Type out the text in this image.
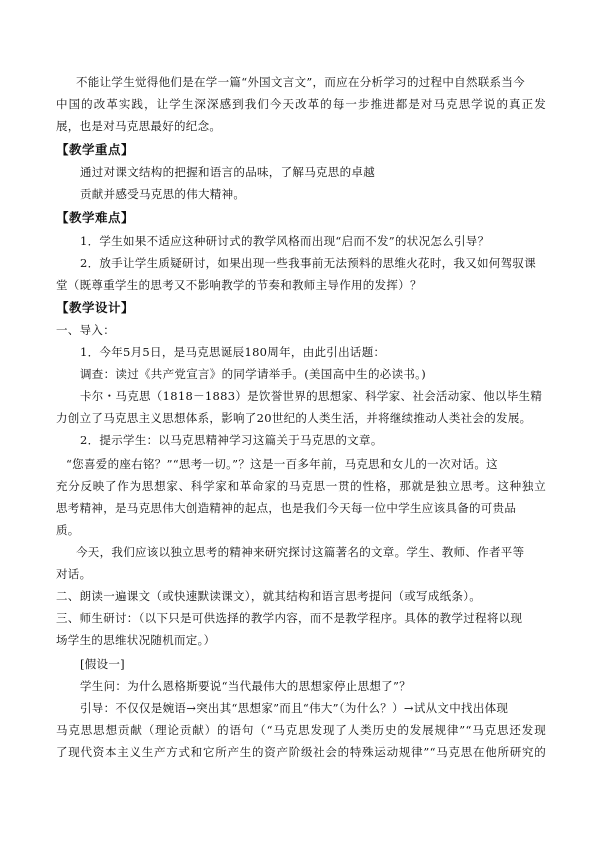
不能让学生觉得他们是在学一篇“外国文言文”，而应在分析学习的过程中自然联系当今
中国的改革实践，让学生深深感到我们今天改革的每一步推进都是对马克思学说的真正发
展，也是对马克思最好的纪念。
【教学重点】
通过对课文结构的把握和语言的品味，了解马克思的卓越
贡献并感受马克思的伟大精神。
【教学难点】
1．学生如果不适应这种研讨式的教学风格而出现“启而不发”的状况怎么引导？
2．放手让学生质疑研讨，如果出现一些我事前无法预料的思维火花时，我又如何驾驭课
堂（既尊重学生的思考又不影响教学的节奏和教师主导作用的发挥）？
【教学设计】
一、导入：
1．今年5月5日，是马克思诞辰180周年，由此引出话题：
调查：读过《共产党宣言》的同学请举手。(美国高中生的必读书。)
卡尔・马克思（1818－1883）是饮誉世界的思想家、科学家、社会活动家、他以毕生精
力创立了马克思主义思想体系，影响了20世纪的人类生活，并将继续推动人类社会的发展。
2．提示学生：以马克思精神学习这篇关于马克思的文章。
“您喜爱的座右铭？”“思考一切。”？这是一百多年前，马克思和女儿的一次对话。这
充分反映了作为思想家、科学家和革命家的马克思一贯的性格，那就是独立思考。这种独立
思考精神，是马克思伟大创造精神的起点，也是我们今天每一位中学生应该具备的可贵品
质。
今天，我们应该以独立思考的精神来研究探讨这篇著名的文章。学生、教师、作者平等
对话。
二、朗读一遍课文（或快速默读课文），就其结构和语言思考提问（或写成纸条）。
三、师生研讨：（以下只是可供选择的教学内容，而不是教学程序。具体的教学过程将以现
场学生的思维状况随机而定。）
[假设一]
学生问：为什么恩格斯要说“当代最伟大的思想家停止思想了”？
引导：不仅仅是婉语→突出其“思想家”而且“伟大”（为什么？）→试从文中找出体现
马克思思想贡献（理论贡献）的语句（“马克思发现了人类历史的发展规律”“马克思还发现
了现代资本主义生产方式和它所产生的资产阶级社会的特殊运动规律”“马克思在他所研究的
